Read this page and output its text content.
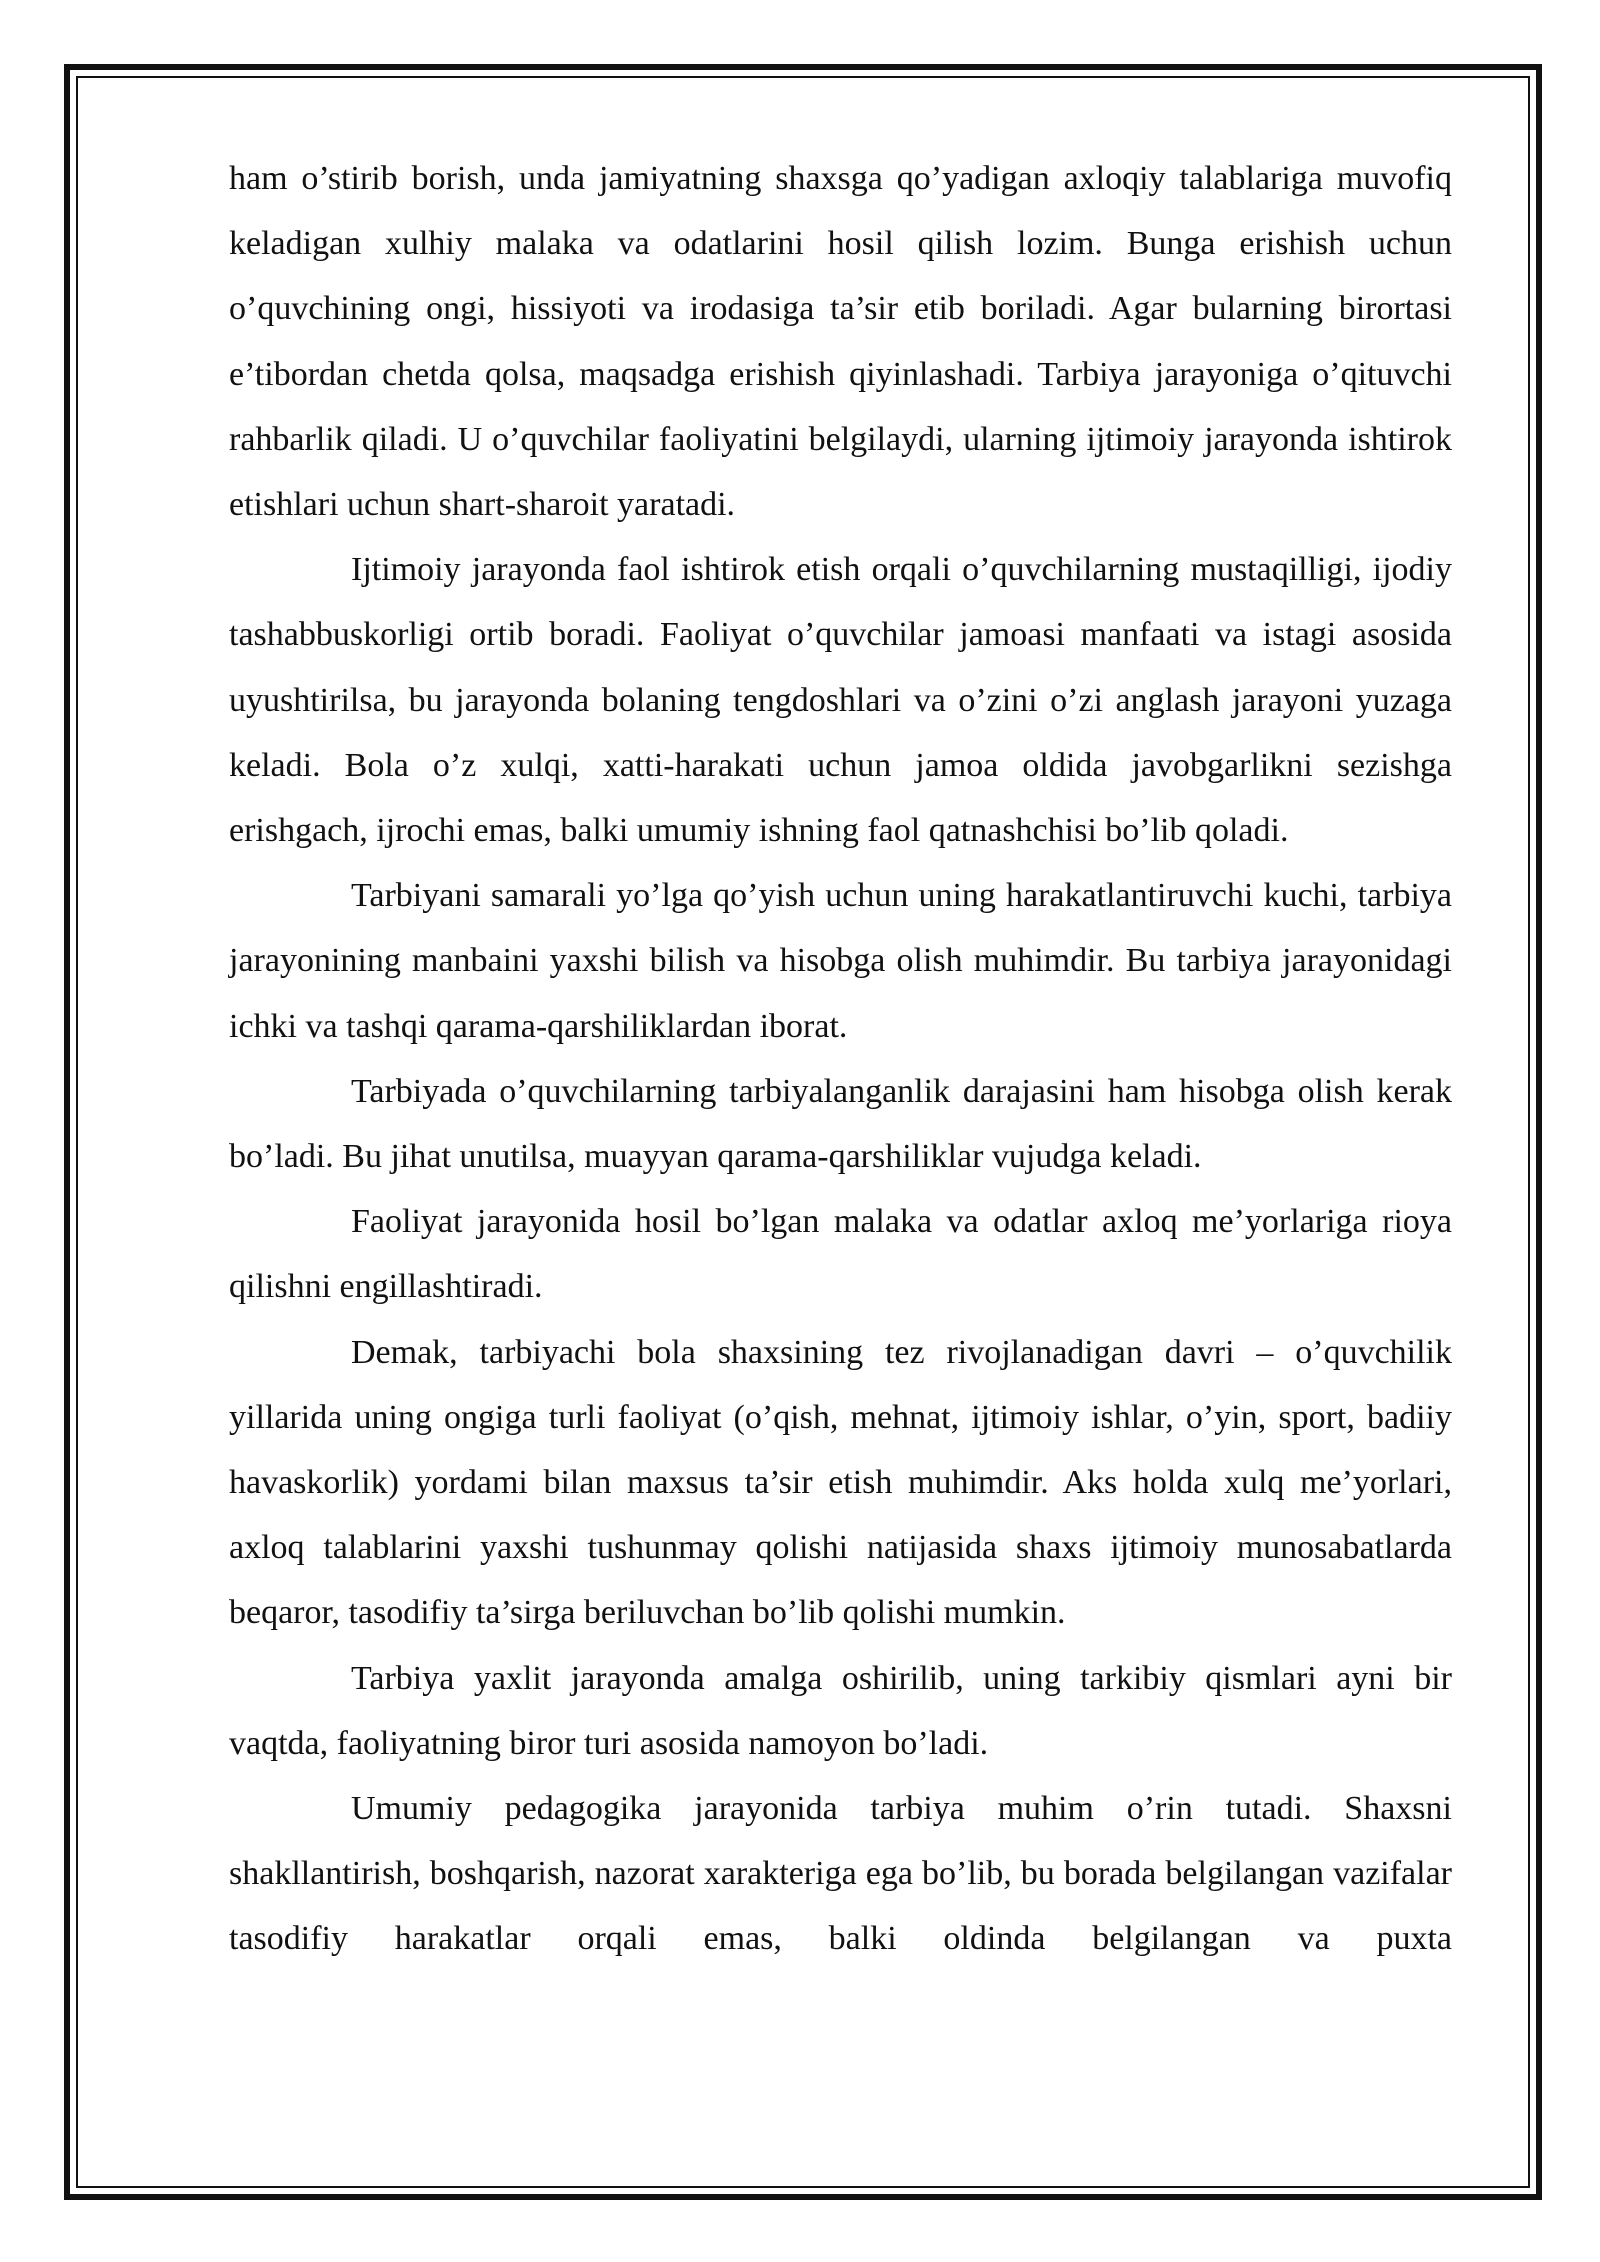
ham o’stirib borish, unda jamiyatning shaxsga qo’yadigan axloqiy talablariga muvofiq keladigan xulhiy malaka va odatlarini hosil qilish lozim. Bunga erishish uchun o’quvchining ongi, hissiyoti va irodasiga ta’sir etib boriladi. Agar bularning birortasi e’tibordan chetda qolsa, maqsadga erishish qiyinlashadi. Tarbiya jarayoniga o’qituvchi rahbarlik qiladi. U o’quvchilar faoliyatini belgilaydi, ularning ijtimoiy jarayonda ishtirok etishlari uchun shart-sharoit yaratadi.

Ijtimoiy jarayonda faol ishtirok etish orqali o’quvchilarning mustaqilligi, ijodiy tashabbuskorligi ortib boradi. Faoliyat o’quvchilar jamoasi manfaati va istagi asosida uyushtirilsa, bu jarayonda bolaning tengdoshlari va o’zini o’zi anglash jarayoni yuzaga keladi. Bola o’z xulqi, xatti-harakati uchun jamoa oldida javobgarlikni sezishga erishgach, ijrochi emas, balki umumiy ishning faol qatnashchisi bo’lib qoladi.

Tarbiyani samarali yo’lga qo’yish uchun uning harakatlantiruvchi kuchi, tarbiya jarayonining manbaini yaxshi bilish va hisobga olish muhimdir. Bu tarbiya jarayonidagi ichki va tashqi qarama-qarshiliklardan iborat.

Tarbiyada o’quvchilarning tarbiyalanganlik darajasini ham hisobga olish kerak bo’ladi. Bu jihat unutilsa, muayyan qarama-qarshiliklar vujudga keladi.

Faoliyat jarayonida hosil bo’lgan malaka va odatlar axloq me’yorlariga rioya qilishni engillashtiradi.

Demak, tarbiyachi bola shaxsining tez rivojlanadigan davri – o’quvchilik yillarida uning ongiga turli faoliyat (o’qish, mehnat, ijtimoiy ishlar, o’yin, sport, badiiy havaskorlik) yordami bilan maxsus ta’sir etish muhimdir. Aks holda xulq me’yorlari, axloq talablarini yaxshi tushunmay qolishi natijasida shaxs ijtimoiy munosabatlarda beqaror, tasodifiy ta’sirga beriluvchan bo’lib qolishi mumkin.

Tarbiya yaxlit jarayonda amalga oshirilib, uning tarkibiy qismlari ayni bir vaqtda, faoliyatning biror turi asosida namoyon bo’ladi.

Umumiy pedagogika jarayonida tarbiya muhim o’rin tutadi. Shaxsni shakllantirish, boshqarish, nazorat xarakteriga ega bo’lib, bu borada belgilangan vazifalar tasodifiy harakatlar orqali emas, balki oldinda belgilangan va puxta
